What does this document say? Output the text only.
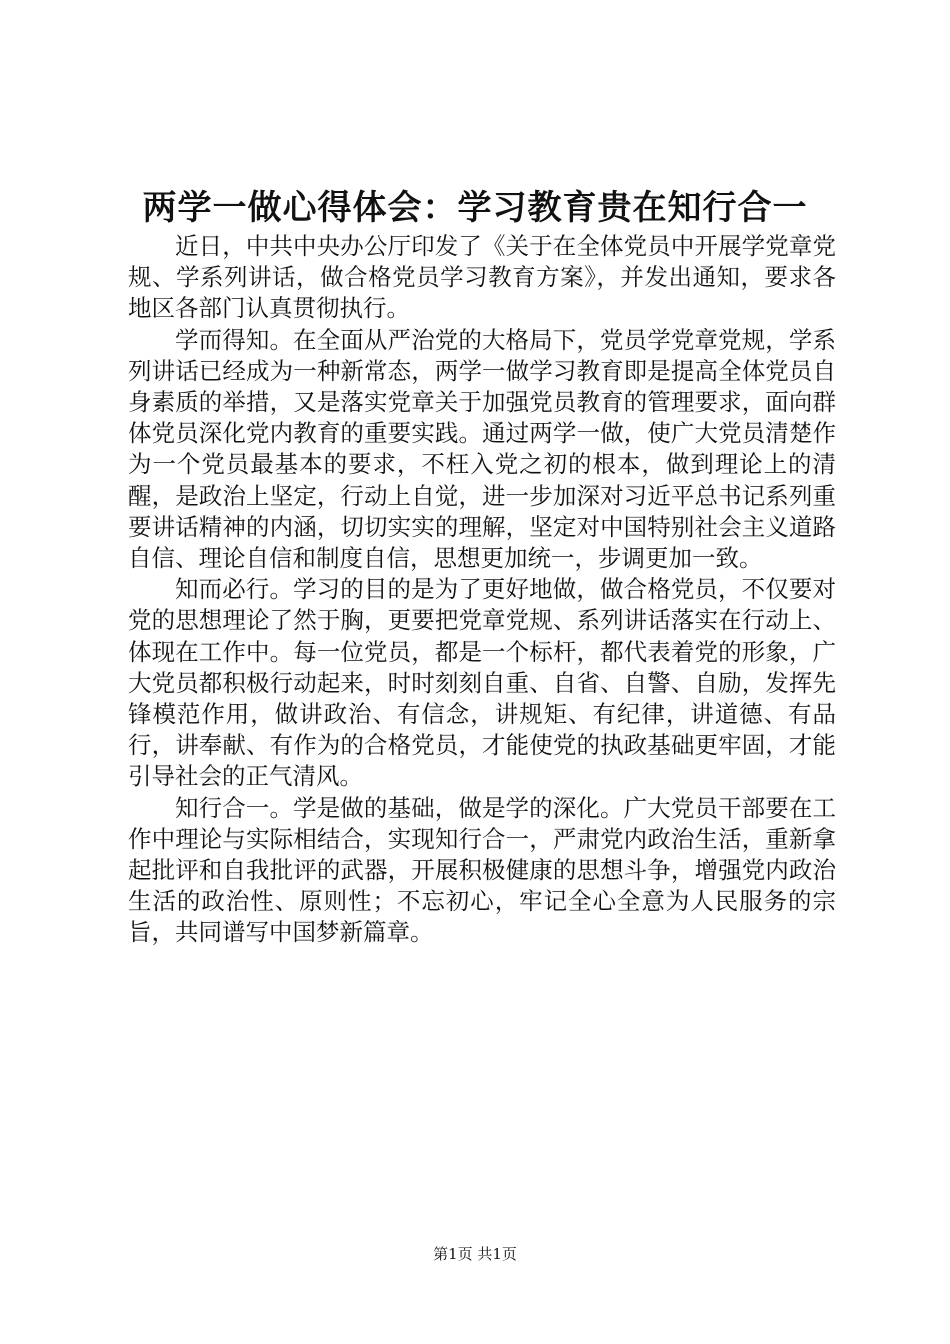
两学一做心得体会：学习教育贵在知行合一

近日，中共中央办公厅印发了《关于在全体党员中开展学党章党规、学系列讲话，做合格党员学习教育方案》，并发出通知，要求各地区各部门认真贯彻执行。

学而得知。在全面从严治党的大格局下，党员学党章党规，学系列讲话已经成为一种新常态，两学一做学习教育即是提高全体党员自身素质的举措，又是落实党章关于加强党员教育的管理要求，面向群体党员深化党内教育的重要实践。通过两学一做，使广大党员清楚作为一个党员最基本的要求，不枉入党之初的根本，做到理论上的清醒，是政治上坚定，行动上自觉，进一步加深对习近平总书记系列重要讲话精神的内涵，切切实实的理解，坚定对中国特别社会主义道路自信、理论自信和制度自信，思想更加统一，步调更加一致。

知而必行。学习的目的是为了更好地做，做合格党员，不仅要对党的思想理论了然于胸，更要把党章党规、系列讲话落实在行动上、体现在工作中。每一位党员，都是一个标杆，都代表着党的形象，广大党员都积极行动起来，时时刻刻自重、自省、自警、自励，发挥先锋模范作用，做讲政治、有信念，讲规矩、有纪律，讲道德、有品行，讲奉献、有作为的合格党员，才能使党的执政基础更牢固，才能引导社会的正气清风。

知行合一。学是做的基础，做是学的深化。广大党员干部要在工作中理论与实际相结合，实现知行合一，严肃党内政治生活，重新拿起批评和自我批评的武器，开展积极健康的思想斗争，增强党内政治生活的政治性、原则性；不忘初心，牢记全心全意为人民服务的宗旨，共同谱写中国梦新篇章。

第1页 共1页
